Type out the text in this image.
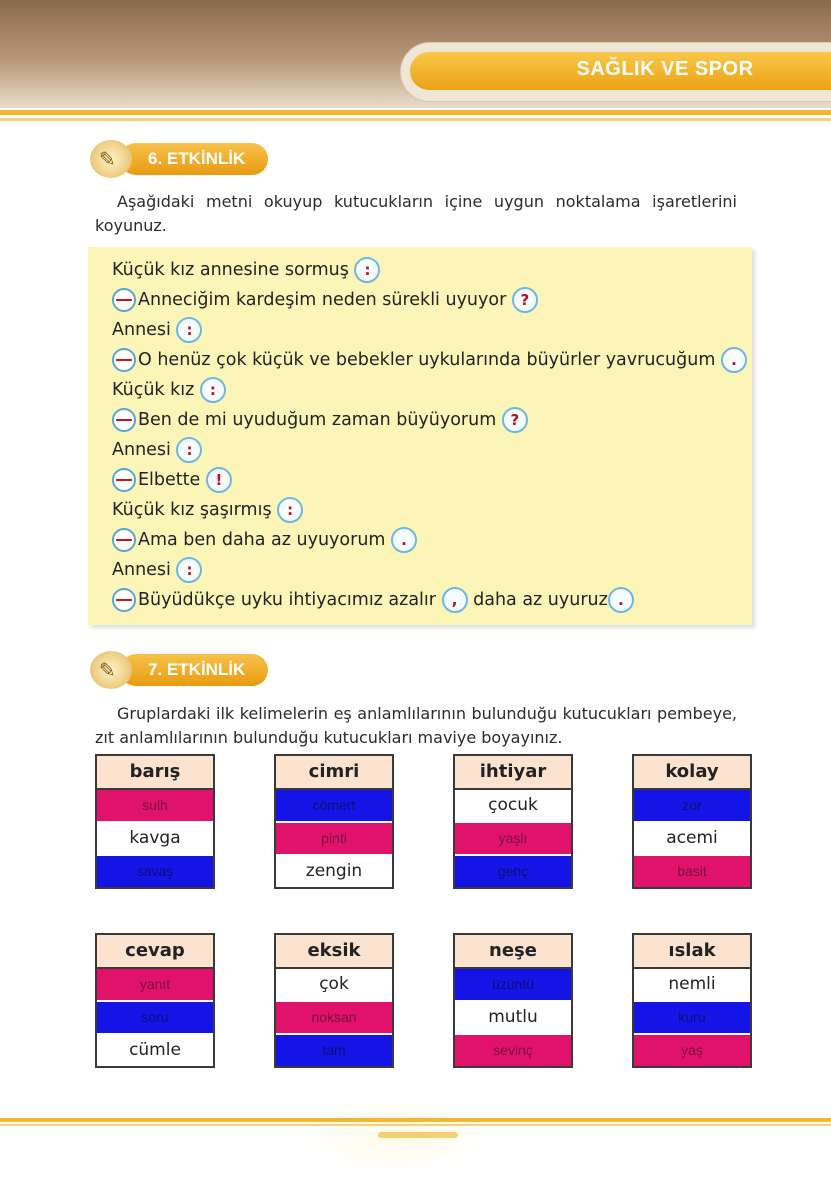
SAĞLIK VE SPOR
✎ 6. ETKİNLİK
Aşağıdaki metni okuyup kutucukların içine uygun noktalama işaretlerini koyunuz.
Küçük kız annesine sormuş :
Anneciğim kardeşim neden sürekli uyuyor ?
Annesi :
O henüz çok küçük ve bebekler uykularında büyürler yavrucuğum .
Küçük kız :
Ben de mi uyuduğum zaman büyüyorum ?
Annesi :
Elbette !
Küçük kız şaşırmış :
Ama ben daha az uyuyorum .
Annesi :
Büyüdükçe uyku ihtiyacımız azalır , daha az uyuruz .
✎ 7. ETKİNLİK
Gruplardaki ilk kelimelerin eş anlamlılarının bulunduğu kutucukları pembeye, zıt anlamlılarının bulunduğu kutucukları maviye boyayınız.
barış
sulh
kavga
savaş
cimri
cömert
pinti
zengin
ihtiyar
çocuk
yaşlı
genç
kolay
zor
acemi
basit
cevap
yanıt
soru
cümle
eksik
çok
noksan
tam
neşe
üzüntü
mutlu
sevinç
ıslak
nemli
kuru
yaş
